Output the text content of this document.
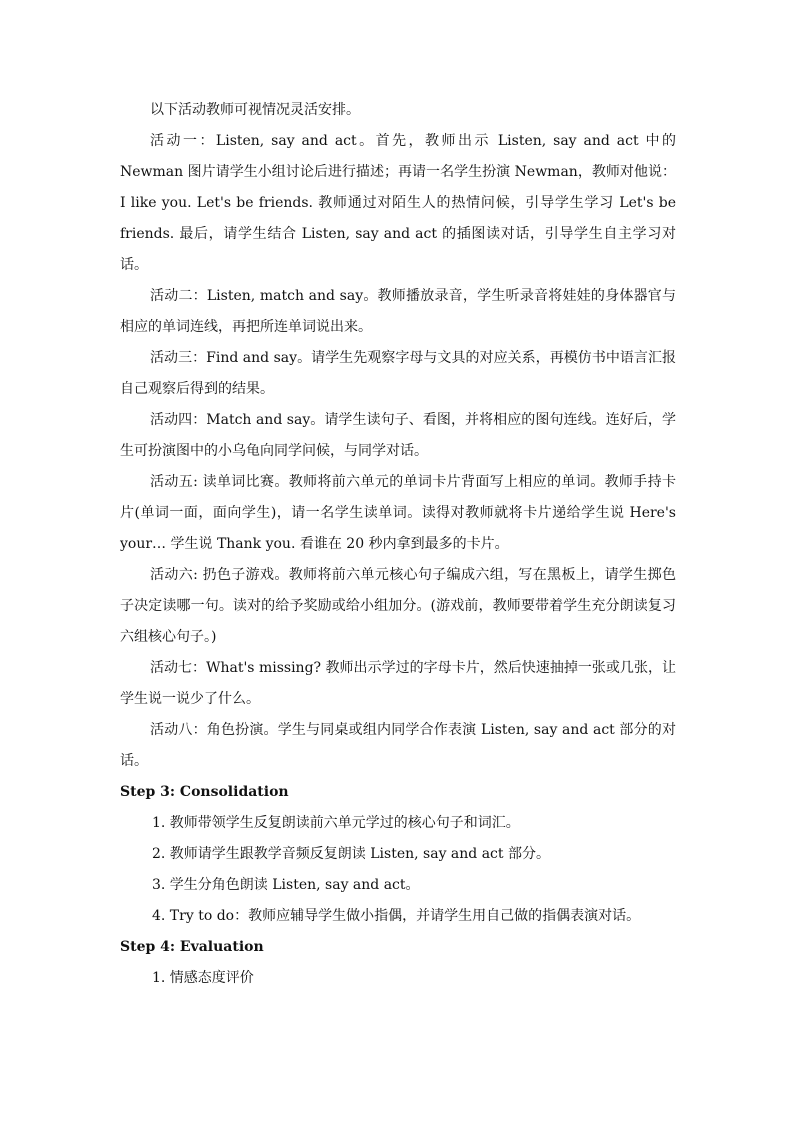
以下活动教师可视情况灵活安排。

活动一：Listen, say and act。首先，教师出示 Listen, say and act 中的 Newman 图片请学生小组讨论后进行描述；再请一名学生扮演 Newman，教师对他说：I like you. Let's be friends. 教师通过对陌生人的热情问候，引导学生学习 Let's be friends. 最后，请学生结合 Listen, say and act 的插图读对话，引导学生自主学习对话。

活动二：Listen, match and say。教师播放录音，学生听录音将娃娃的身体器官与相应的单词连线，再把所连单词说出来。

活动三：Find and say。请学生先观察字母与文具的对应关系，再模仿书中语言汇报自己观察后得到的结果。

活动四：Match and say。请学生读句子、看图，并将相应的图句连线。连好后，学生可扮演图中的小乌龟向同学问候，与同学对话。

活动五: 读单词比赛。教师将前六单元的单词卡片背面写上相应的单词。教师手持卡片(单词一面，面向学生)，请一名学生读单词。读得对教师就将卡片递给学生说 Here's your… 学生说 Thank you. 看谁在 20 秒内拿到最多的卡片。

活动六: 扔色子游戏。教师将前六单元核心句子编成六组，写在黑板上，请学生掷色子决定读哪一句。读对的给予奖励或给小组加分。(游戏前，教师要带着学生充分朗读复习六组核心句子。)

活动七：What's missing? 教师出示学过的字母卡片，然后快速抽掉一张或几张，让学生说一说少了什么。

活动八：角色扮演。学生与同桌或组内同学合作表演 Listen, say and act 部分的对话。

Step 3: Consolidation

1. 教师带领学生反复朗读前六单元学过的核心句子和词汇。

2. 教师请学生跟教学音频反复朗读 Listen, say and act 部分。

3. 学生分角色朗读 Listen, say and act。

4. Try to do：教师应辅导学生做小指偶，并请学生用自己做的指偶表演对话。

Step 4: Evaluation

1. 情感态度评价
